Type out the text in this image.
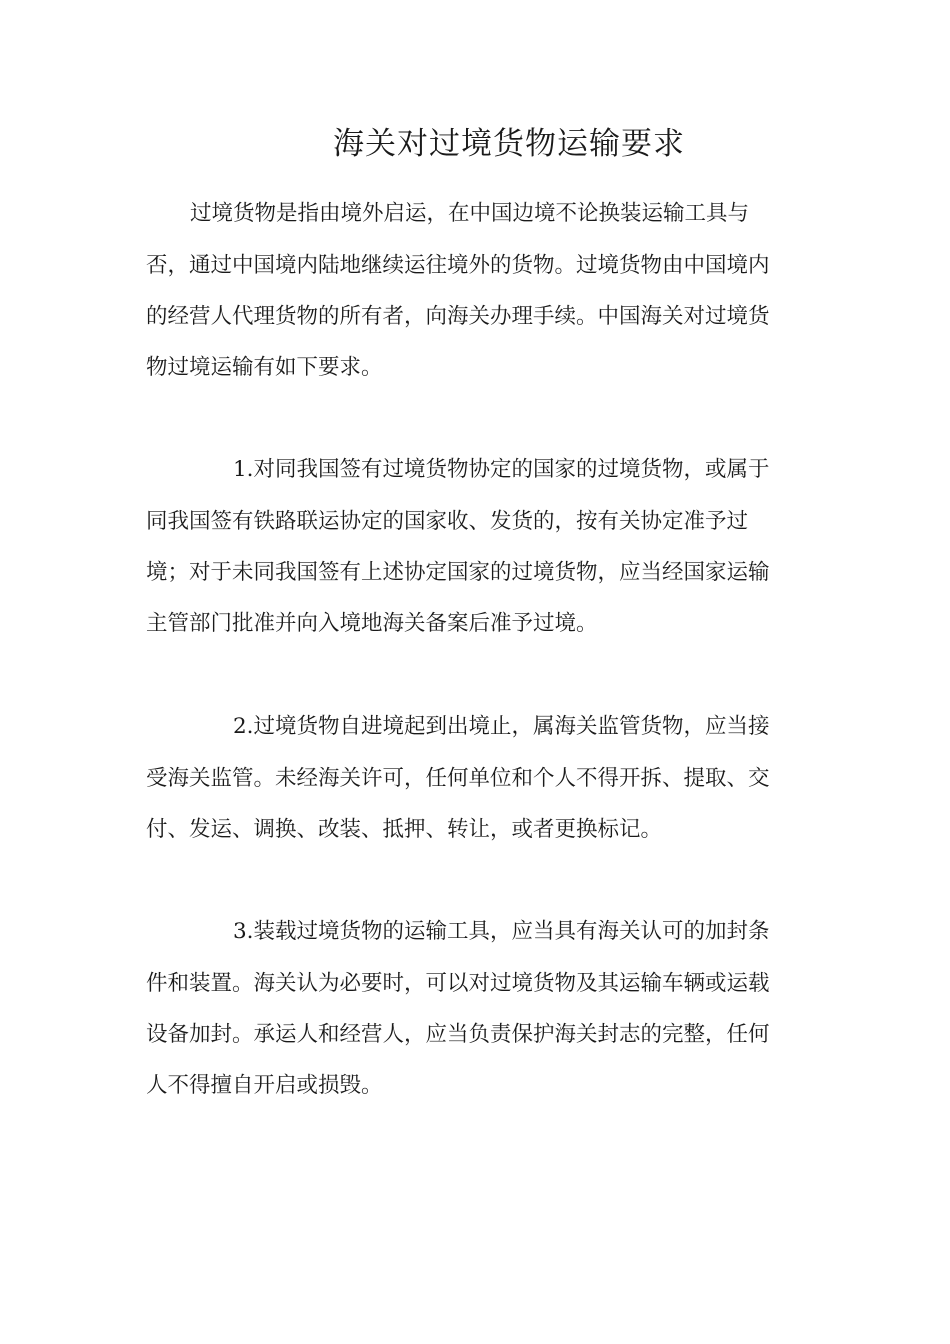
海关对过境货物运输要求

过境货物是指由境外启运，在中国边境不论换装运输工具与

否，通过中国境内陆地继续运往境外的货物。过境货物由中国境内

的经营人代理货物的所有者，向海关办理手续。中国海关对过境货

物过境运输有如下要求。

1.对同我国签有过境货物协定的国家的过境货物，或属于

同我国签有铁路联运协定的国家收、发货的，按有关协定准予过

境；对于未同我国签有上述协定国家的过境货物，应当经国家运输

主管部门批准并向入境地海关备案后准予过境。

2.过境货物自进境起到出境止，属海关监管货物，应当接

受海关监管。未经海关许可，任何单位和个人不得开拆、提取、交

付、发运、调换、改装、抵押、转让，或者更换标记。

3.装载过境货物的运输工具，应当具有海关认可的加封条

件和装置。海关认为必要时，可以对过境货物及其运输车辆或运载

设备加封。承运人和经营人，应当负责保护海关封志的完整，任何

人不得擅自开启或损毁。
